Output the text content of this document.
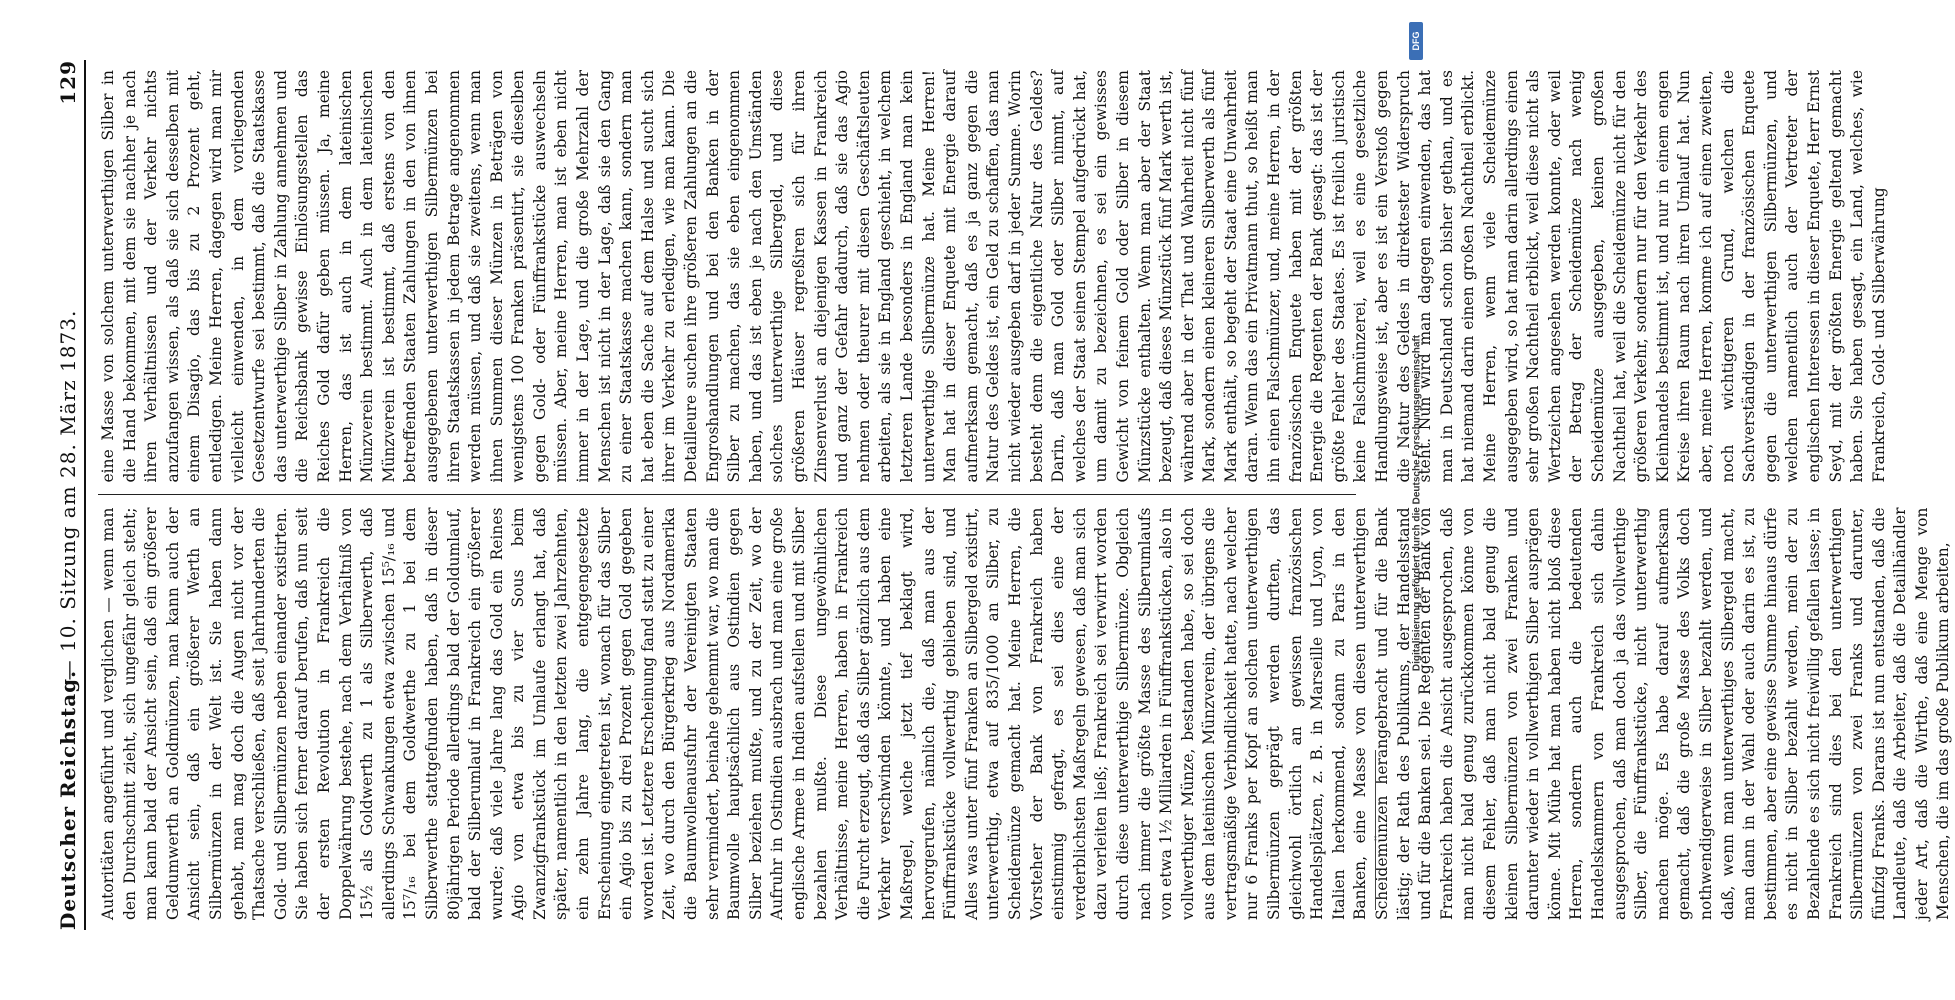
Deutscher Reichstag.
— 10. Sitzung am 28. März 1873.
129

Autoritäten angeführt und verglichen — wenn man den Durchschnitt zieht, sich ungefähr gleich steht; man kann bald der Ansicht sein, daß ein größerer Geldumwerth an Goldmünzen, man kann auch der Ansicht sein, daß ein größerer Werth an Silbermünzen in der Welt ist. Sie haben dann gehabt, man mag doch die Augen nicht vor der Thatsache verschließen, daß seit Jahrhunderten die Gold- und Silbermünzen neben einander existirten. Sie haben sich ferner darauf berufen, daß nun seit der ersten Revolution in Frankreich die Doppelwährung bestehe, nach dem Verhältniß von 15½ als Goldwerth zu 1 als Silberwerth, daß allerdings Schwankungen etwa zwischen 15⁵/₁₆ und 15⁷/₁₆ bei dem Goldwerthe zu 1 bei dem Silberwerthe stattgefunden haben, daß in dieser 80jährigen Periode allerdings bald der Goldumlauf, bald der Silberumlauf in Frankreich ein größerer wurde; daß viele Jahre lang das Gold ein Reines Agio von etwa bis zu vier Sous beim Zwanzigfrankstück im Umlaufe erlangt hat, daß später, namentlich in den letzten zwei Jahrzehnten, ein zehn Jahre lang, die entgegengesetzte Erscheinung eingetreten ist, wonach für das Silber ein Agio bis zu drei Prozent gegen Gold gegeben worden ist. Letztere Erscheinung fand statt zu einer Zeit, wo durch den Bürgerkrieg aus Nordamerika die Baumwollenausfuhr der Vereinigten Staaten sehr vermindert, beinahe gehemmt war, wo man die Baumwolle hauptsächlich aus Ostindien gegen Silber beziehen mußte, und zu der Zeit, wo der Aufruhr in Ostindien ausbrach und man eine große englische Armee in Indien aufstellen und mit Silber bezahlen mußte. Diese ungewöhnlichen Verhältnisse, meine Herren, haben in Frankreich die Furcht erzeugt, daß das Silber gänzlich aus dem Verkehr verschwinden könnte, und haben eine Maßregel, welche jetzt tief beklagt wird, hervorgerufen, nämlich die, daß man aus der Fünffrankstücke vollwerthig geblieben sind, und Alles was unter fünf Franken an Silbergeld existirt, unterwerthig, etwa auf 835/1000 an Silber, zu Scheidemünze gemacht hat. Meine Herren, die Vorsteher der Bank von Frankreich haben einstimmig gefragt, es sei dies eine der verderblichsten Maßregeln gewesen, daß man sich dazu verleiten ließ; Frankreich sei verwirrt worden durch diese unterwerthige Silbermünze. Obgleich nach immer die größte Masse des Silberumlaufs von etwa 1½ Milliarden in Fünffrankstücken, also in vollwerthiger Münze, bestanden habe, so sei doch aus dem lateinischen Münzverein, der übrigens die vertragsmäßige Verbindlichkeit hatte, nach welcher nur 6 Franks per Kopf an solchen unterwerthigen Silbermünzen geprägt werden durften, das gleichwohl örtlich an gewissen französischen Handelsplätzen, z. B. in Marseille und Lyon, von Italien herkommend, sodann zu Paris in den Banken, eine Masse von diesen unterwerthigen Scheidemünzen herangebracht und für die Bank lästig; der Rath des Publikums, der Handelsstand und für die Banken sei. Die Regenten der Bank von Frankreich haben die Ansicht ausgesprochen, daß man nicht bald genug zurückkommen könne von diesem Fehler, daß man nicht bald genug die kleinen Silbermünzen von zwei Franken und darunter wieder in vollwerthigen Silber ausprägen könne. Mit Mühe hat man haben nicht bloß diese Herren, sondern auch die bedeutenden Handelskammern von Frankreich sich dahin ausgesprochen, daß man doch ja das vollwerthige Silber, die Fünffrankstücke, nicht unterwerthig machen möge. Es habe darauf aufmerksam gemacht, daß die große Masse des Volks doch nothwendigerweise in Silber bezahlt werden, und daß, wenn man unterwerthiges Silbergeld macht, man dann in der Wahl oder auch darin es ist, zu bestimmen, aber eine gewisse Summe hinaus dürfe es nicht in Silber bezahlt werden, mein der zu Bezahlende es sich nicht freiwillig gefallen lasse; in Frankreich sind dies bei den unterwerthigen Silbermünzen von zwei Franks und darunter, fünfzig Franks. Darans ist nun entstanden, daß die Landleute, daß die Arbeiter, daß die Detailhändler jeder Art, daß die Wirthe, daß eine Menge von Menschen, die im das große Publikum arbeiten,

eine Masse von solchem unterwerthigen Silber in die Hand bekommen, mit dem sie nachher je nach ihren Verhältnissen und der Verkehr nichts anzufangen wissen, als daß sie sich desselben mit einem Disagio, das bis zu 2 Prozent geht, entledigen. Meine Herren, dagegen wird man mir vielleicht einwenden, in dem vorliegenden Gesetzentwurfe sei bestimmt, daß die Staatskasse das unterwerthige Silber in Zahlung annehmen und die Reichsbank gewisse Einlösungsstellen das Reiches Gold dafür geben müssen. Ja, meine Herren, das ist auch in dem lateinischen Münzverein bestimmt. Auch in dem lateinischen Münzverein ist bestimmt, daß erstens von den betreffenden Staaten Zahlungen in den von ihnen ausgegebenen unterwerthigen Silbermünzen bei ihren Staatskassen in jedem Betrage angenommen werden müssen, und daß sie zweitens, wenn man ihnen Summen dieser Münzen in Beträgen von wenigstens 100 Franken präsentirt, sie dieselben gegen Gold- oder Fünffrankstücke auswechseln müssen. Aber, meine Herren, man ist eben nicht immer in der Lage, und die große Mehrzahl der Menschen ist nicht in der Lage, daß sie den Gang zu einer Staatskasse machen kann, sondern man hat eben die Sache auf dem Halse und sucht sich ihrer im Verkehr zu erledigen, wie man kann. Die Detailleure suchen ihre größeren Zahlungen an die Engroshandlungen und bei den Banken in der Silber zu machen, das sie eben eingenommen haben, und das ist eben je nach den Umständen solches unterwerthige Silbergeld, und diese größeren Häuser regreßiren sich für ihren Zinsenverlust an diejenigen Kassen in Frankreich und ganz der Gefahr dadurch, daß sie das Agio nehmen oder theurer mit diesen Geschäftsleuten arbeiten, als sie in England geschieht, in welchem letzteren Lande besonders in England man kein unterwerthige Silbermünze hat. Meine Herren! Man hat in dieser Enquete mit Energie darauf aufmerksam gemacht, daß es ja ganz gegen die Natur des Geldes ist, ein Geld zu schaffen, das man nicht wieder ausgeben darf in jeder Summe. Worin besteht denn die eigentliche Natur des Geldes? Darin, daß man Gold oder Silber nimmt, auf welches der Staat seinen Stempel aufgedrückt hat, um damit zu bezeichnen, es sei ein gewisses Gewicht von feinem Gold oder Silber in diesem Münzstücke enthalten. Wenn man aber der Staat bezeugt, daß dieses Münzstück fünf Mark werth ist, während aber in der That und Wahrheit nicht fünf Mark, sondern einen kleineren Silberwerth als fünf Mark enthält, so begeht der Staat eine Unwahrheit daran. Wenn das ein Privatmann thut, so heißt man ihn einen Falschmünzer, und, meine Herren, in der französischen Enquete haben mit der größten Energie die Regenten der Bank gesagt: das ist der größte Fehler des Staates. Es ist freilich juristisch keine Falschmünzerei, weil es eine gesetzliche Handlungsweise ist, aber es ist ein Verstoß gegen die Natur des Geldes in direktester Widerspruch steht. Nun wird man dagegen einwenden, das hat man in Deutschland schon bisher gethan, und es hat niemand darin einen großen Nachtheil erblickt. Meine Herren, wenn viele Scheidemünze ausgegeben wird, so hat man darin allerdings einen sehr großen Nachtheil erblickt, weil diese nicht als Wertzeichen angesehen werden konnte, oder weil der Betrag der Scheidemünze nach wenig Scheidemünze ausgegeben, keinen großen Nachtheil hat, weil die Scheidemünze nicht für den größeren Verkehr, sondern nur für den Verkehr des Kleinhandels bestimmt ist, und nur in einem engen Kreise ihren Raum nach ihren Umlauf hat. Nun aber, meine Herren, komme ich auf einen zweiten, noch wichtigeren Grund, welchen die Sachverständigen in der französischen Enquete gegen die unterwerthigen Silbermünzen, und welchen namentlich auch der Vertreter der englischen Interessen in dieser Enquete, Herr Ernst Seyd, mit der größten Energie geltend gemacht haben. Sie haben gesagt, ein Land, welches, wie Frankreich, Gold- und Silberwährung

DFG
Digitalisierung gefördert durch die Deutsche Forschungsgemeinschaft
